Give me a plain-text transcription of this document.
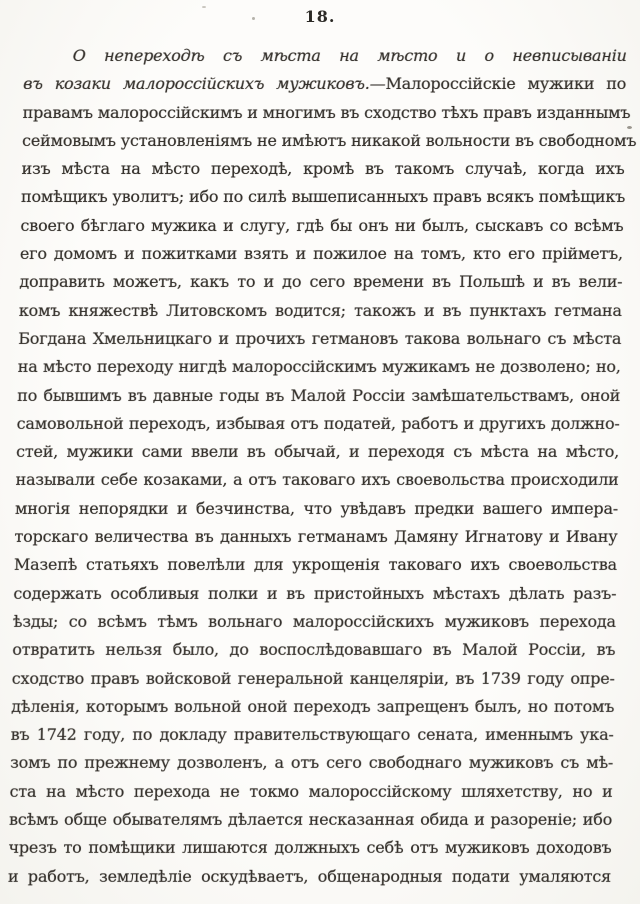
18.
О непереходѣ съ мѣста на мѣсто и о невписываніи
въ козаки малороссійскихъ мужиковъ.—Малороссійскіе мужики по
правамъ малороссійскимъ и многимъ въ сходство тѣхъ правъ изданнымъ
сеймовымъ установленіямъ не имѣютъ никакой вольности въ свободномъ
изъ мѣста на мѣсто переходѣ, кромѣ въ такомъ случаѣ, когда ихъ
помѣщикъ уволитъ; ибо по силѣ вышеписанныхъ правъ всякъ помѣщикъ
своего бѣглаго мужика и слугу, гдѣ бы онъ ни былъ, сыскавъ со всѣмъ
его домомъ и пожитками взять и пожилое на томъ, кто его прійметъ,
доправить можетъ, какъ то и до сего времени въ Польшѣ и въ вели-
комъ княжествѣ Литовскомъ водится; такожъ и въ пунктахъ гетмана
Богдана Хмельницкаго и прочихъ гетмановъ такова вольнаго съ мѣста
на мѣсто переходу нигдѣ малороссійскимъ мужикамъ не дозволено; но,
по бывшимъ въ давные годы въ Малой Россіи замѣшательствамъ, оной
самовольной переходъ, избывая отъ податей, работъ и другихъ должно-
стей, мужики сами ввели въ обычай, и переходя съ мѣста на мѣсто,
называли себе козаками, а отъ таковаго ихъ своевольства происходили
многія непорядки и безчинства, что увѣдавъ предки вашего импера-
торскаго величества въ данныхъ гетманамъ Дамяну Игнатову и Ивану
Мазепѣ статьяхъ повелѣли для укрощенія таковаго ихъ своевольства
содержать особливыя полки и въ пристойныхъ мѣстахъ дѣлать разъ-
ѣзды; со всѣмъ тѣмъ вольнаго малороссійскихъ мужиковъ перехода
отвратить нельзя было, до воспослѣдовавшаго въ Малой Россіи, въ
сходство правъ войсковой генеральной канцеляріи, въ 1739 году опре-
дѣленія, которымъ вольной оной переходъ запрещенъ былъ, но потомъ
въ 1742 году, по докладу правительствующаго сената, именнымъ ука-
зомъ по прежнему дозволенъ, а отъ сего свободнаго мужиковъ съ мѣ-
ста на мѣсто перехода не токмо малороссійскому шляхетству, но и
всѣмъ обще обывателямъ дѣлается несказанная обида и разореніе; ибо
чрезъ то помѣщики лишаются должныхъ себѣ отъ мужиковъ доходовъ
и работъ, земледѣліе оскудѣваетъ, общенародныя подати умаляются
